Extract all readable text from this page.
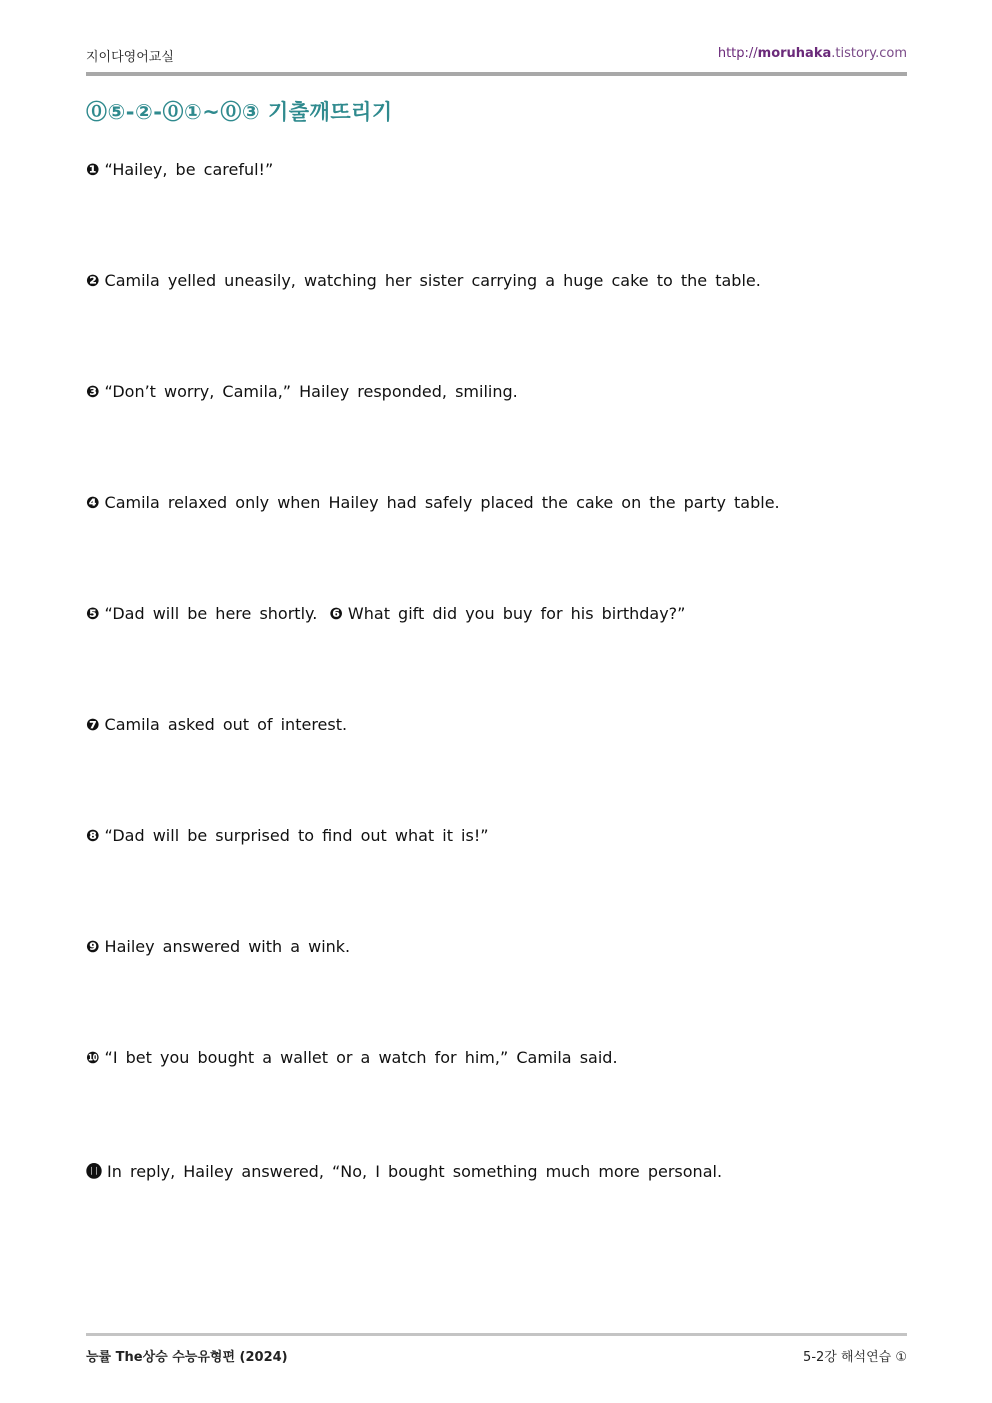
지이다영어교실	http://moruhaka.tistory.com
⓪⑤-②-⓪①~⓪③ 기출깨뜨리기
❶ “Hailey, be careful!”
❷ Camila yelled uneasily, watching her sister carrying a huge cake to the table.
❸ “Don’t worry, Camila,” Hailey responded, smiling.
❹ Camila relaxed only when Hailey had safely placed the cake on the party table.
❺ “Dad will be here shortly. ❻ What gift did you buy for his birthday?”
❼ Camila asked out of interest.
❽ “Dad will be surprised to find out what it is!”
❾ Hailey answered with a wink.
❿ “I bet you bought a wallet or a watch for him,” Camila said.
⓫ In reply, Hailey answered, “No, I bought something much more personal.
능률 The상승 수능유형편 (2024)	5-2강 해석연습 ①
